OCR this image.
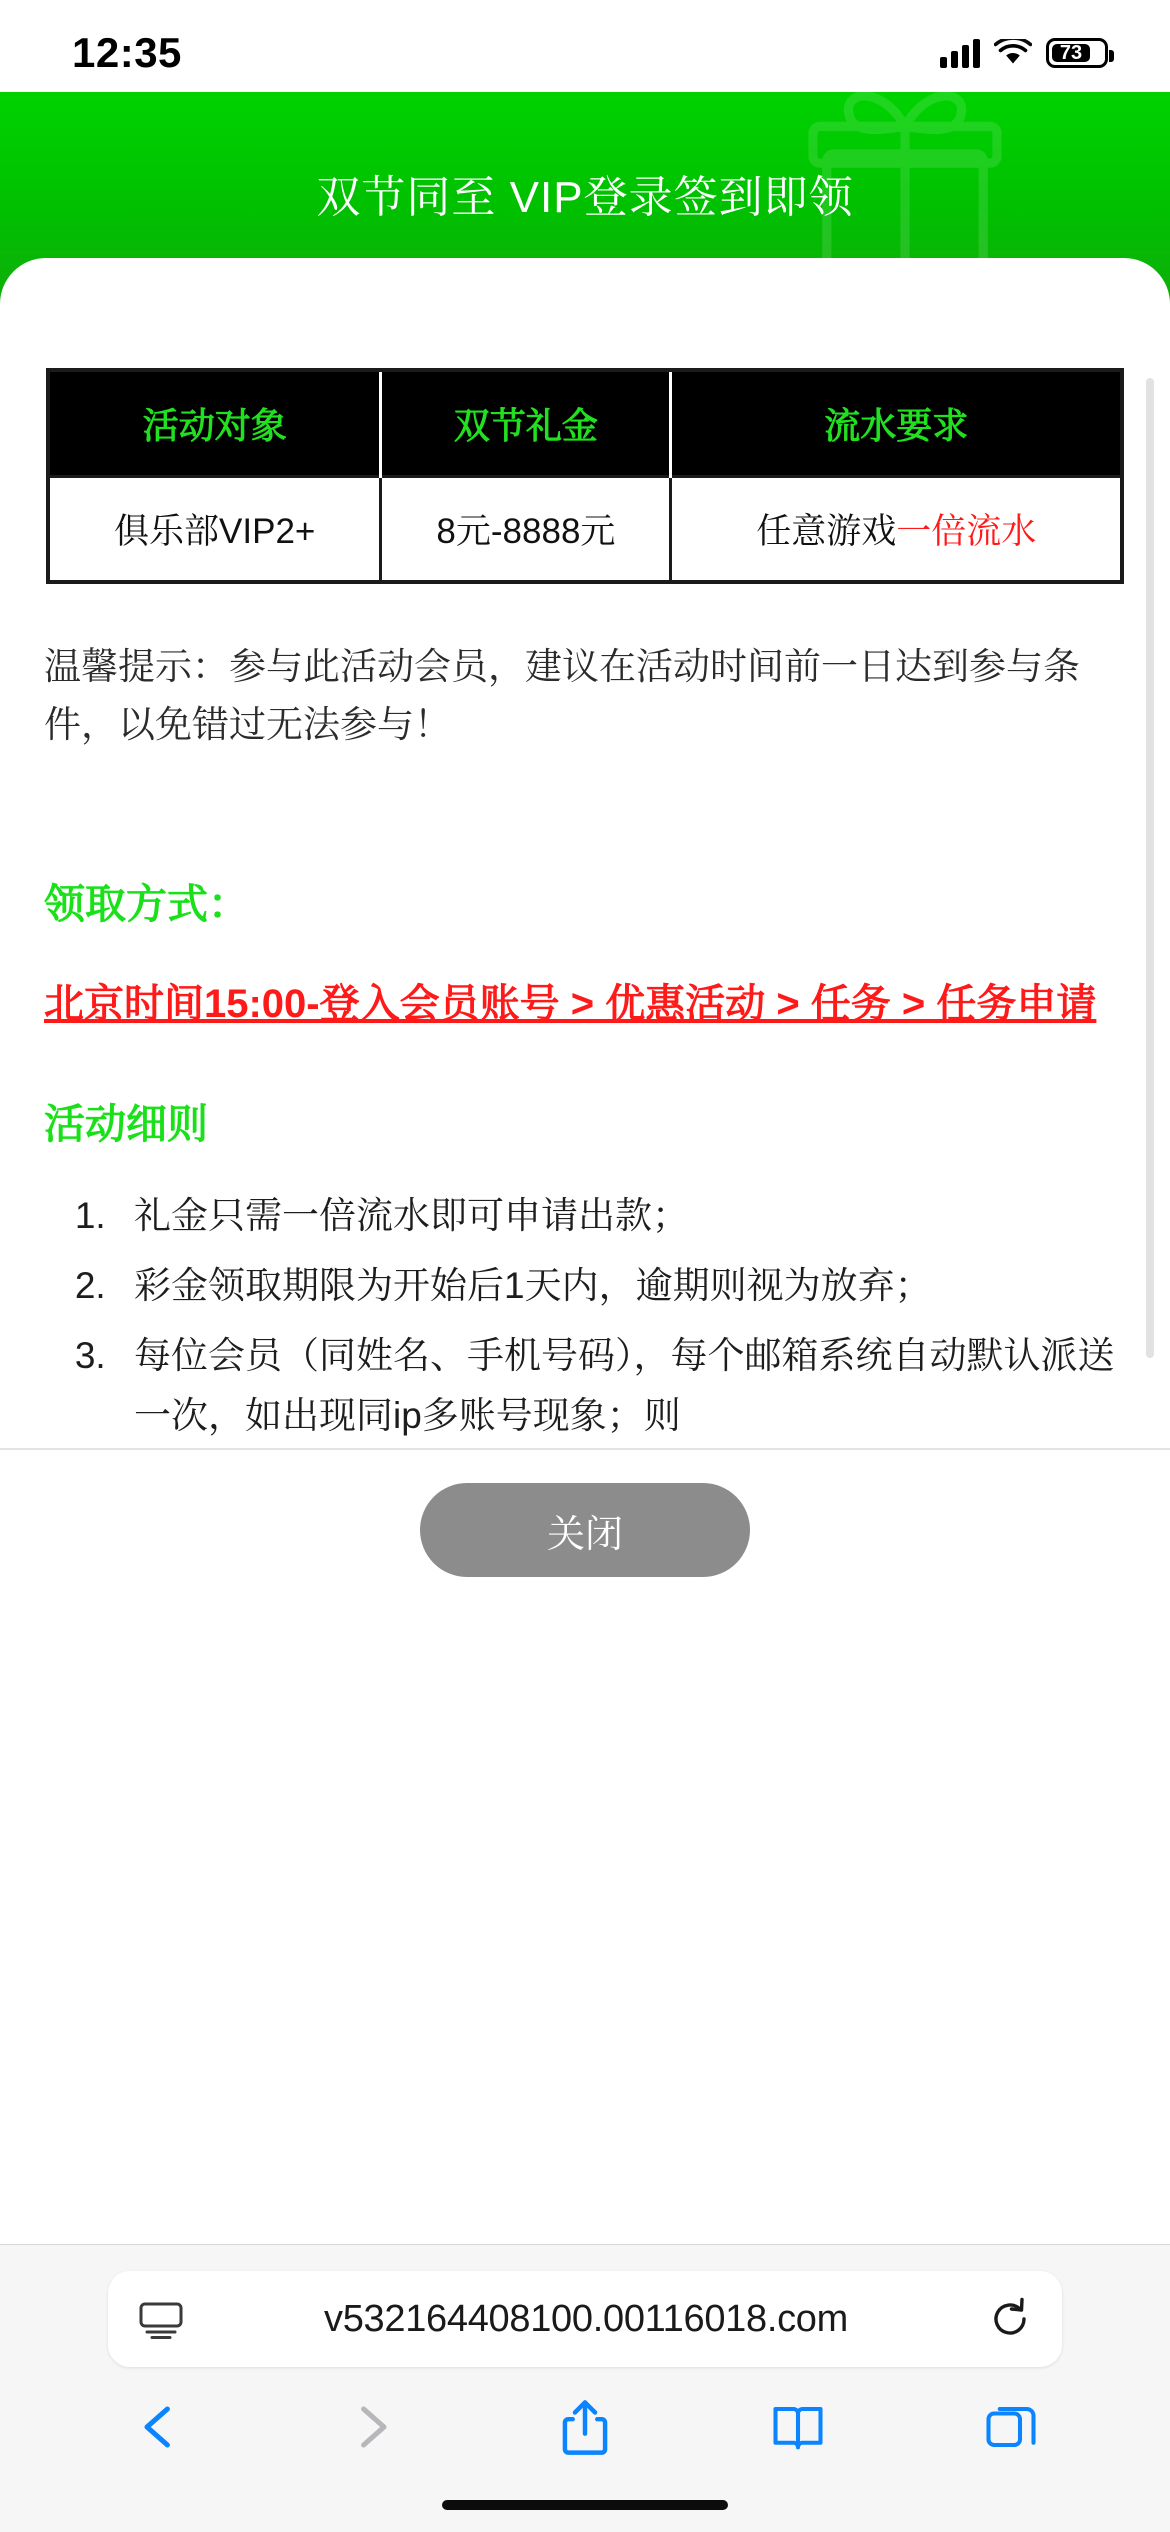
12:35	73
双节同至 VIP登录签到即领
活动对象	双节礼金	流水要求
俱乐部VIP2+	8元-8888元	任意游戏一倍流水
温馨提示：参与此活动会员，建议在活动时间前一日达到参与条件，以免错过无法参与！
领取方式：
北京时间15:00-登入会员账号 > 优惠活动 > 任务 > 任务申请
活动细则
1. 礼金只需一倍流水即可申请出款；
2. 彩金领取期限为开始后1天内，逾期则视为放弃；
3. 每位会员（同姓名、手机号码），每个邮箱系统自动默认派送一次，如出现同ip多账号现象；则
关闭
v532164408100.00116018.com
